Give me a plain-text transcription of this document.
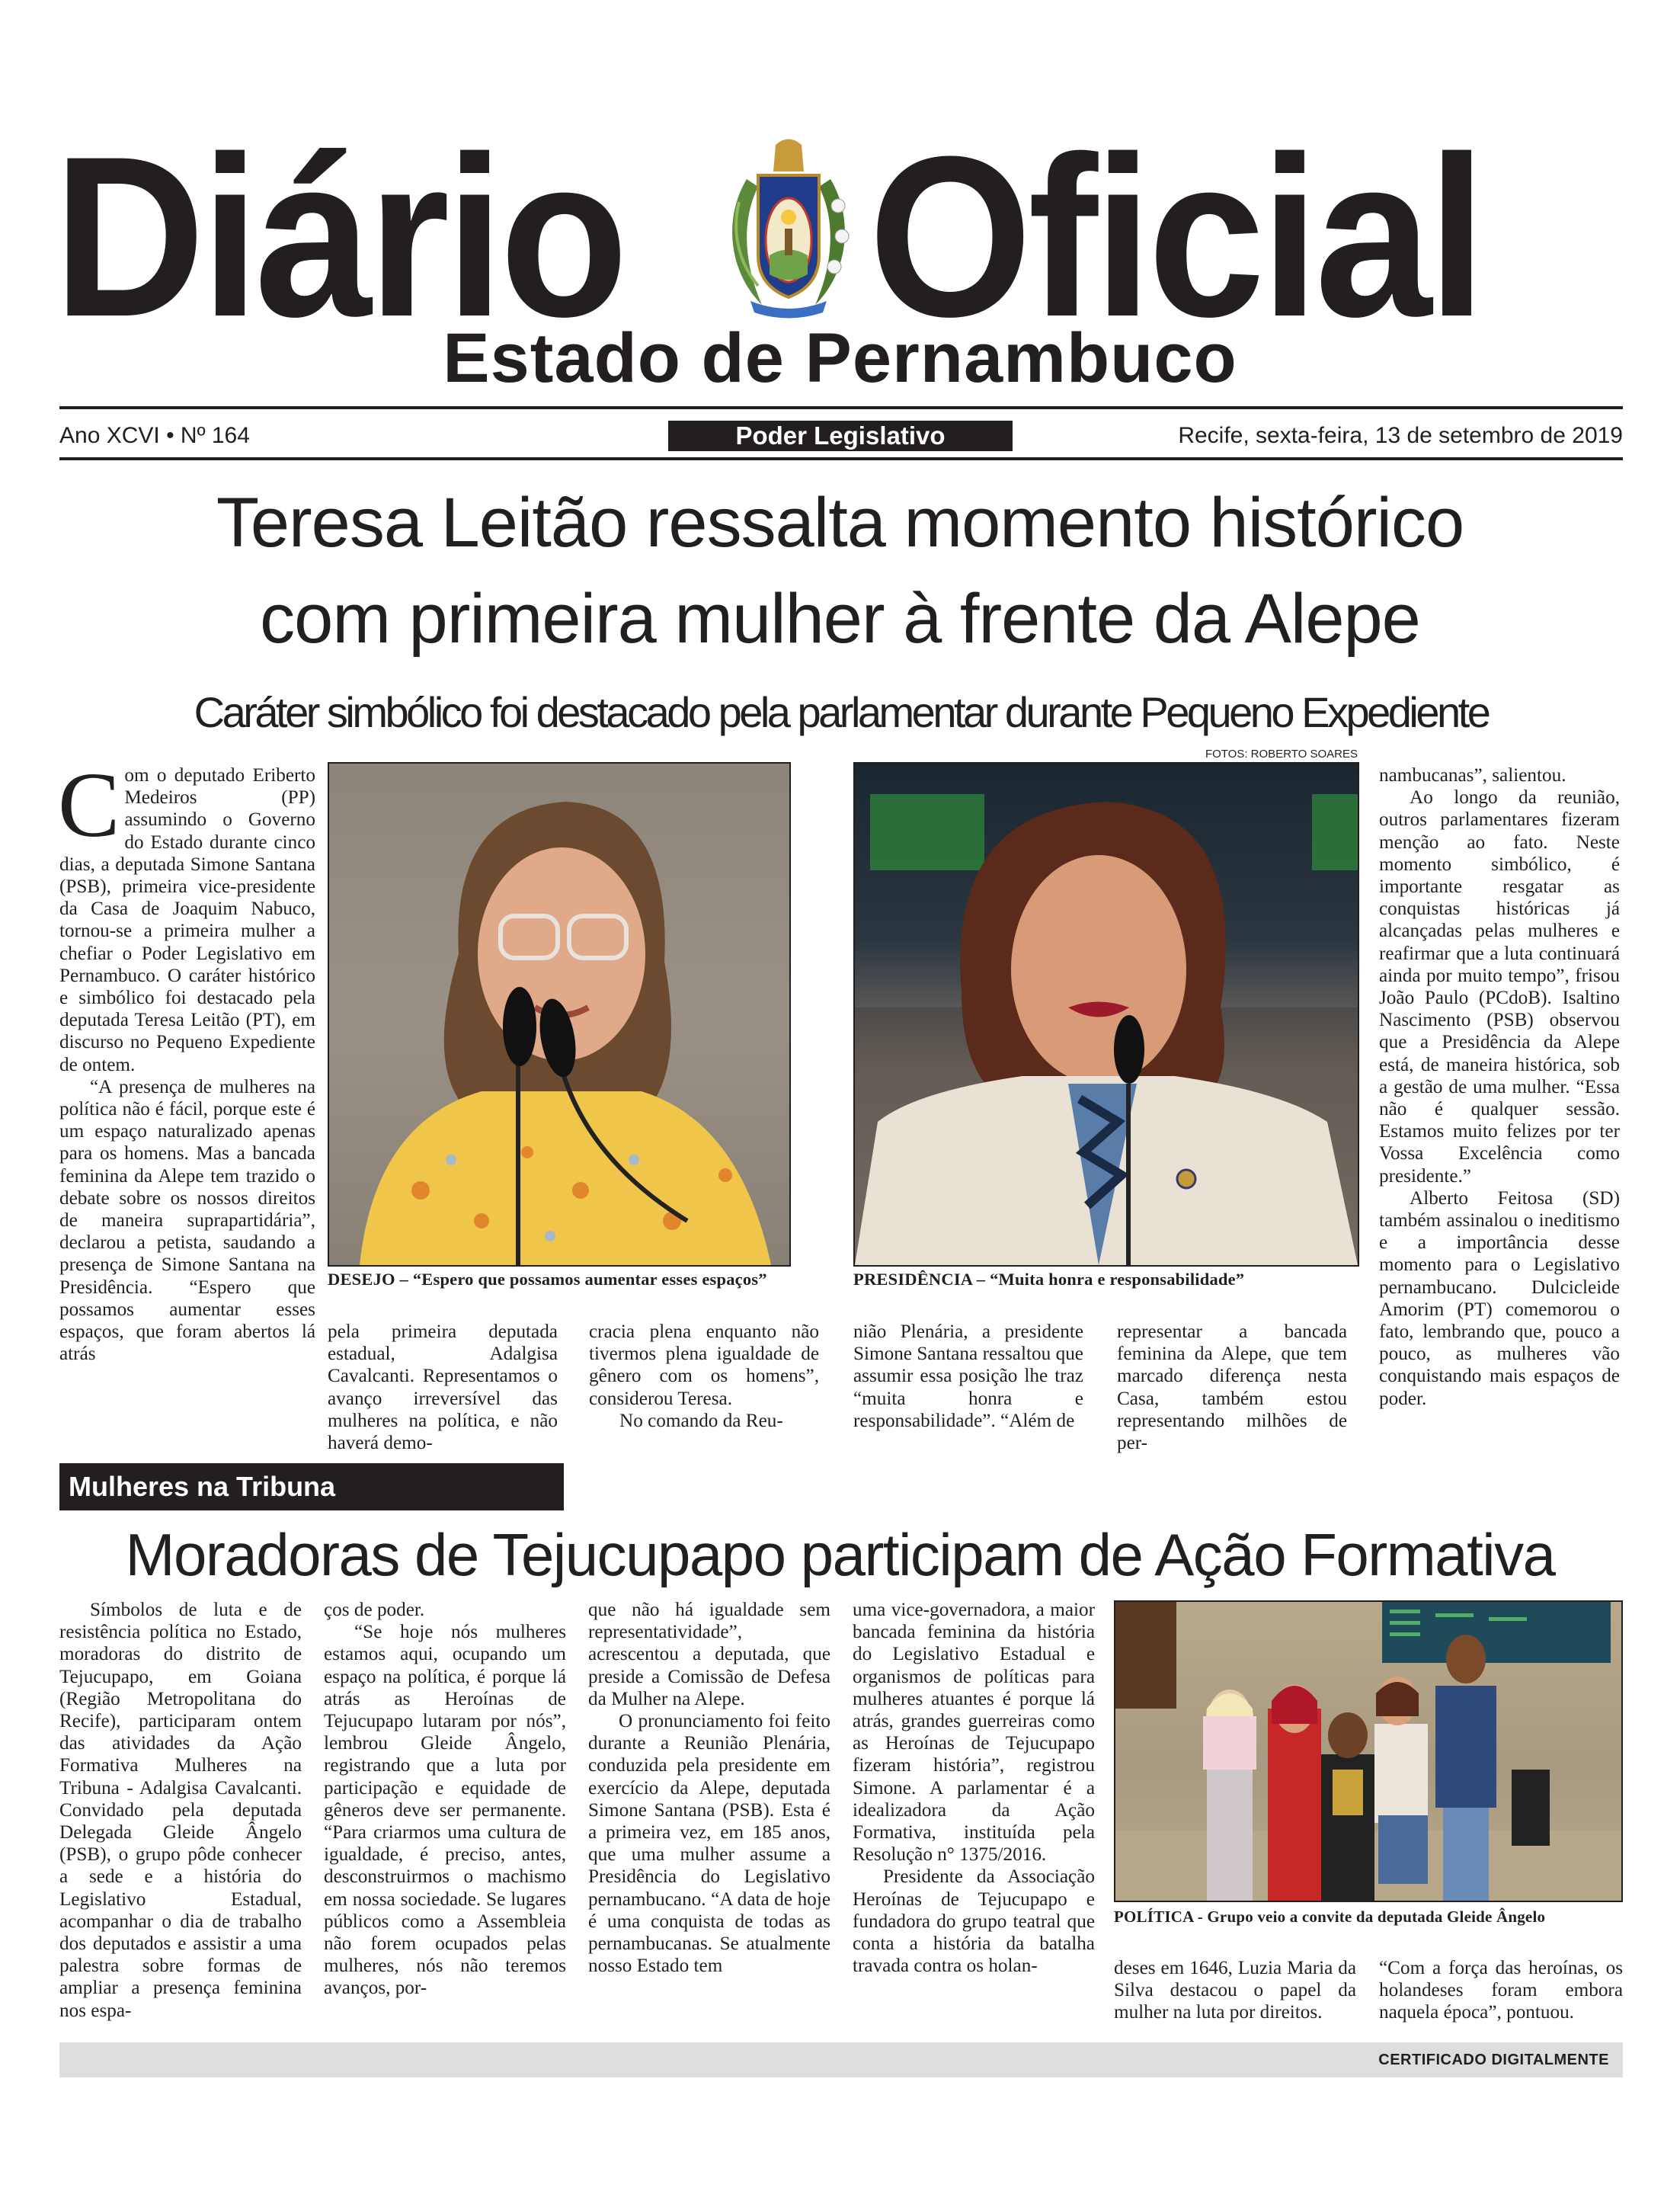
Diário Oficial
Estado de Pernambuco
Ano XCVI • Nº 164	Poder Legislativo	Recife, sexta-feira, 13 de setembro de 2019
Teresa Leitão ressalta momento histórico
com primeira mulher à frente da Alepe
Caráter simbólico foi destacado pela parlamentar durante Pequeno Expediente
FOTOS: ROBERTO SOARES

Com o deputado Eriberto Medeiros (PP) assumindo o Governo do Estado durante cinco dias, a deputada Simone Santana (PSB), primeira vice-presidente da Casa de Joaquim Nabuco, tornou-se a primeira mulher a chefiar o Poder Legislativo em Pernambuco. O caráter histórico e simbólico foi destacado pela deputada Teresa Leitão (PT), em discurso no Pequeno Expediente de ontem.

“A presença de mulheres na política não é fácil, porque este é um espaço naturalizado apenas para os homens. Mas a bancada feminina da Alepe tem trazido o debate sobre os nossos direitos de maneira suprapartidária”, declarou a petista, saudando a presença de Simone Santana na Presidência. “Espero que possamos aumentar esses espaços, que foram abertos lá atrás

DESEJO – “Espero que possamos aumentar esses espaços”	PRESIDÊNCIA – “Muita honra e responsabilidade”

pela primeira deputada estadual, Adalgisa Cavalcanti. Representamos o avanço irreversível das mulheres na política, e não haverá demo-

cracia plena enquanto não tivermos plena igualdade de gênero com os homens”, considerou Teresa.

No comando da Reu-

nião Plenária, a presidente Simone Santana ressaltou que assumir essa posição lhe traz “muita honra e responsabilidade”. “Além de

representar a bancada feminina da Alepe, que tem marcado diferença nesta Casa, também estou representando milhões de per-

nambucanas”, salientou.

Ao longo da reunião, outros parlamentares fizeram menção ao fato. Neste momento simbólico, é importante resgatar as conquistas históricas já alcançadas pelas mulheres e reafirmar que a luta continuará ainda por muito tempo”, frisou João Paulo (PCdoB). Isaltino Nascimento (PSB) observou que a Presidência da Alepe está, de maneira histórica, sob a gestão de uma mulher. “Essa não é qualquer sessão. Estamos muito felizes por ter Vossa Excelência como presidente.”

Alberto Feitosa (SD) também assinalou o ineditismo e a importância desse momento para o Legislativo pernambucano. Dulcicleide Amorim (PT) comemorou o fato, lembrando que, pouco a pouco, as mulheres vão conquistando mais espaços de poder.

Mulheres na Tribuna
Moradoras de Tejucupapo participam de Ação Formativa

Símbolos de luta e de resistência política no Estado, moradoras do distrito de Tejucupapo, em Goiana (Região Metropolitana do Recife), participaram ontem das atividades da Ação Formativa Mulheres na Tribuna - Adalgisa Cavalcanti. Convidado pela deputada Delegada Gleide Ângelo (PSB), o grupo pôde conhecer a sede e a história do Legislativo Estadual, acompanhar o dia de trabalho dos deputados e assistir a uma palestra sobre formas de ampliar a presença feminina nos espa-

ços de poder.

“Se hoje nós mulheres estamos aqui, ocupando um espaço na política, é porque lá atrás as Heroínas de Tejucupapo lutaram por nós”, lembrou Gleide Ângelo, registrando que a luta por participação e equidade de gêneros deve ser permanente. “Para criarmos uma cultura de igualdade, é preciso, antes, desconstruirmos o machismo em nossa sociedade. Se lugares públicos como a Assembleia não forem ocupados pelas mulheres, nós não teremos avanços, por-

que não há igualdade sem representatividade”, acrescentou a deputada, que preside a Comissão de Defesa da Mulher na Alepe.

O pronunciamento foi feito durante a Reunião Plenária, conduzida pela presidente em exercício da Alepe, deputada Simone Santana (PSB). Esta é a primeira vez, em 185 anos, que uma mulher assume a Presidência do Legislativo pernambucano. “A data de hoje é uma conquista de todas as pernambucanas. Se atualmente nosso Estado tem

uma vice-governadora, a maior bancada feminina da história do Legislativo Estadual e organismos de políticas para mulheres atuantes é porque lá atrás, grandes guerreiras como as Heroínas de Tejucupapo fizeram história”, registrou Simone. A parlamentar é a idealizadora da Ação Formativa, instituída pela Resolução n° 1375/2016.

Presidente da Associação Heroínas de Tejucupapo e fundadora do grupo teatral que conta a história da batalha travada contra os holan-

POLÍTICA - Grupo veio a convite da deputada Gleide Ângelo

deses em 1646, Luzia Maria da Silva destacou o papel da mulher na luta por direitos.

“Com a força das heroínas, os holandeses foram embora naquela época”, pontuou.

CERTIFICADO DIGITALMENTE
